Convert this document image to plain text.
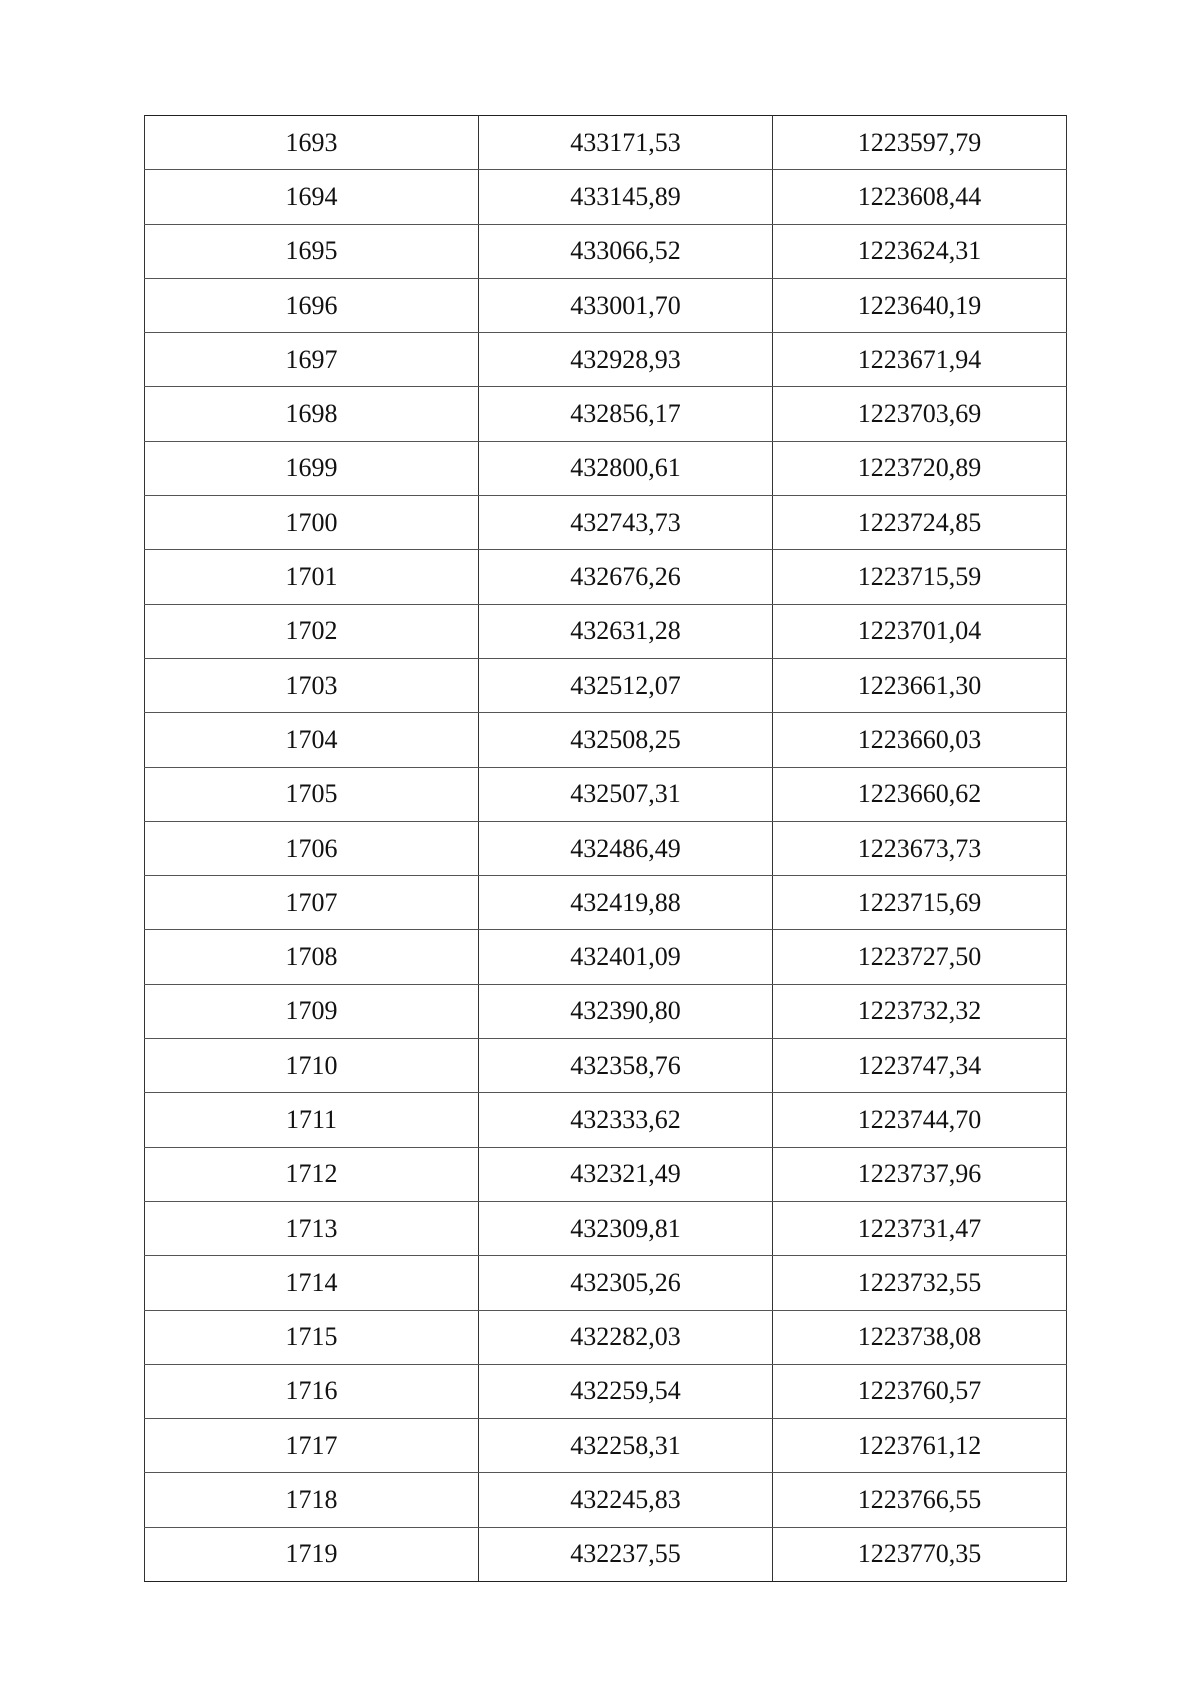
1693	433171,53	1223597,79
1694	433145,89	1223608,44
1695	433066,52	1223624,31
1696	433001,70	1223640,19
1697	432928,93	1223671,94
1698	432856,17	1223703,69
1699	432800,61	1223720,89
1700	432743,73	1223724,85
1701	432676,26	1223715,59
1702	432631,28	1223701,04
1703	432512,07	1223661,30
1704	432508,25	1223660,03
1705	432507,31	1223660,62
1706	432486,49	1223673,73
1707	432419,88	1223715,69
1708	432401,09	1223727,50
1709	432390,80	1223732,32
1710	432358,76	1223747,34
1711	432333,62	1223744,70
1712	432321,49	1223737,96
1713	432309,81	1223731,47
1714	432305,26	1223732,55
1715	432282,03	1223738,08
1716	432259,54	1223760,57
1717	432258,31	1223761,12
1718	432245,83	1223766,55
1719	432237,55	1223770,35
